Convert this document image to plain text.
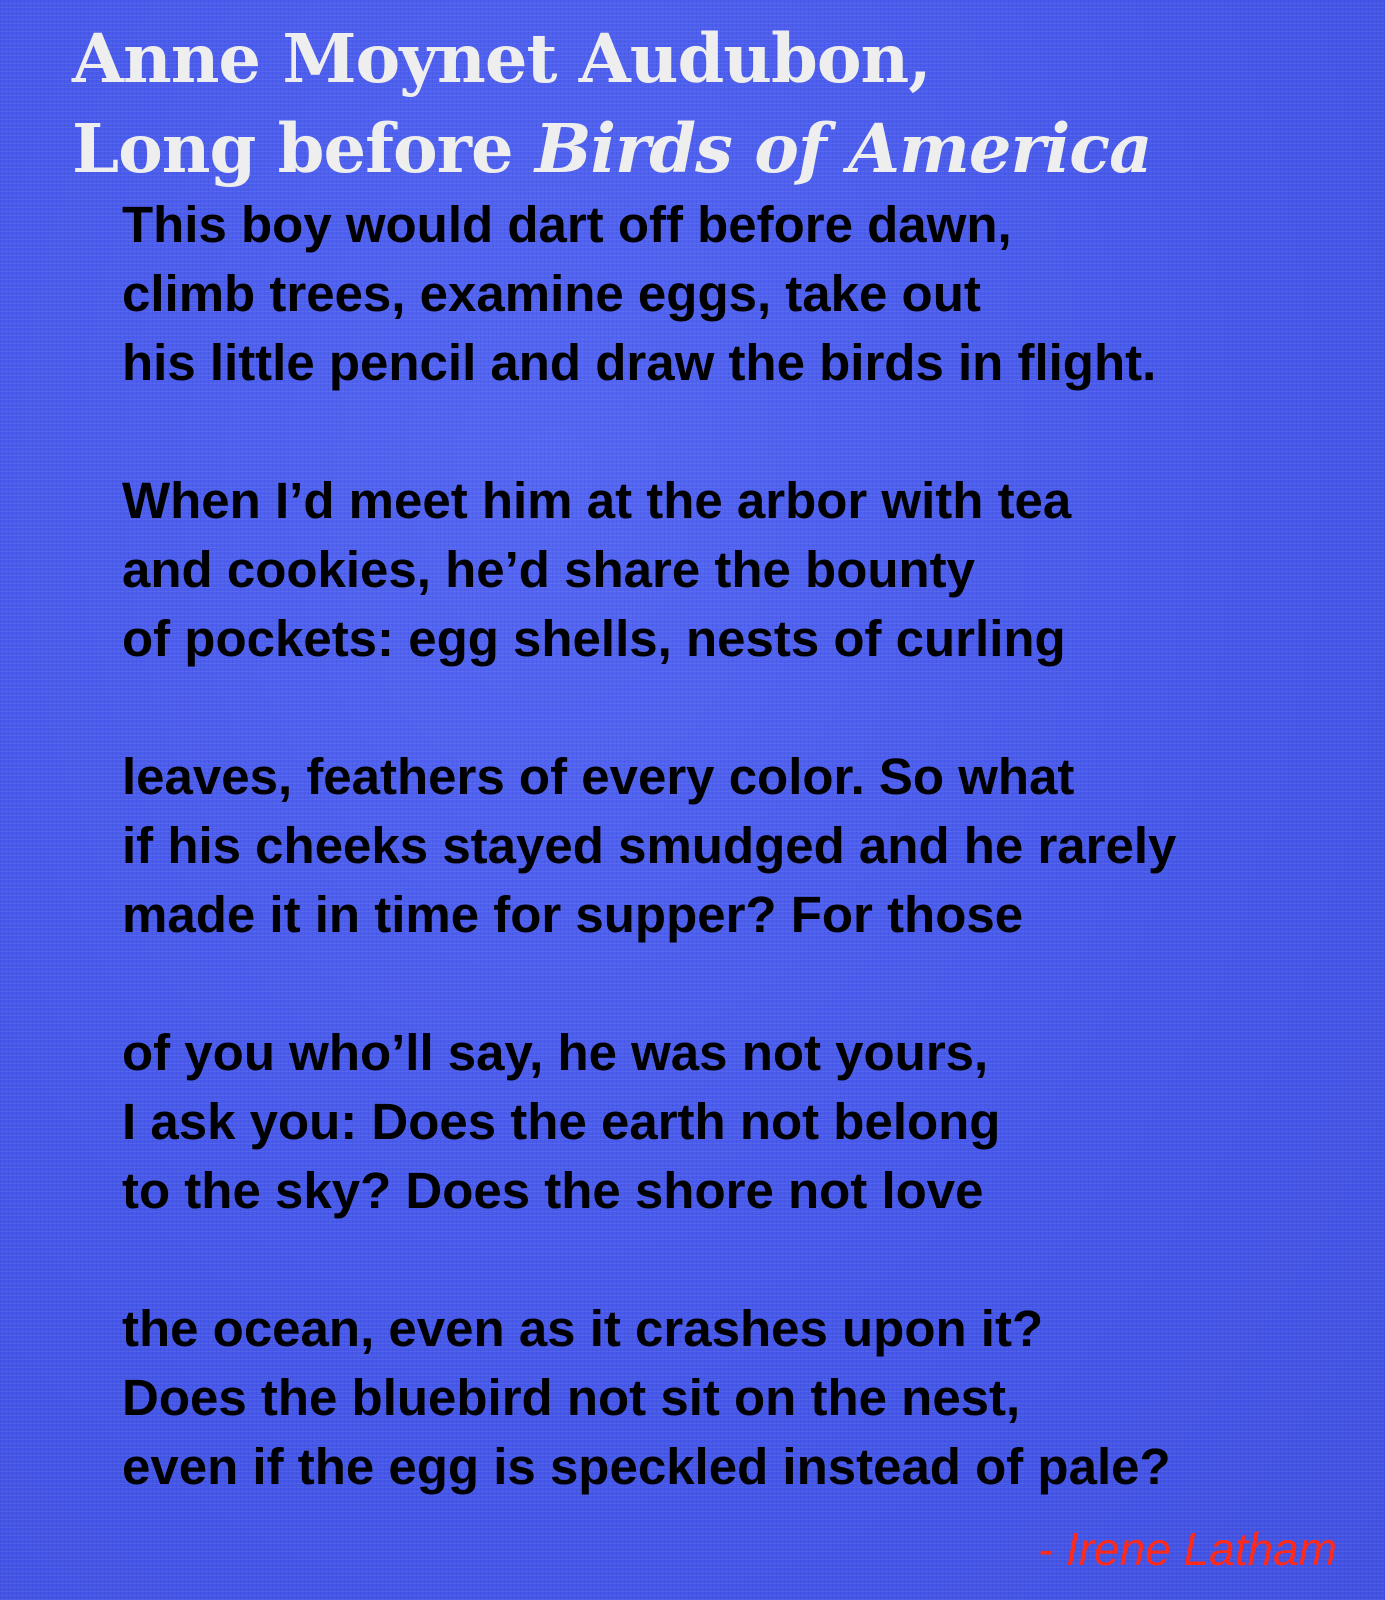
Anne Moynet Audubon,
Long before Birds of America
This boy would dart off before dawn,
climb trees, examine eggs, take out
his little pencil and draw the birds in flight.
When I’d meet him at the arbor with tea
and cookies, he’d share the bounty
of pockets: egg shells, nests of curling
leaves, feathers of every color. So what
if his cheeks stayed smudged and he rarely
made it in time for supper? For those
of you who’ll say, he was not yours,
I ask you: Does the earth not belong
to the sky? Does the shore not love
the ocean, even as it crashes upon it?
Does the bluebird not sit on the nest,
even if the egg is speckled instead of pale?
- Irene Latham
